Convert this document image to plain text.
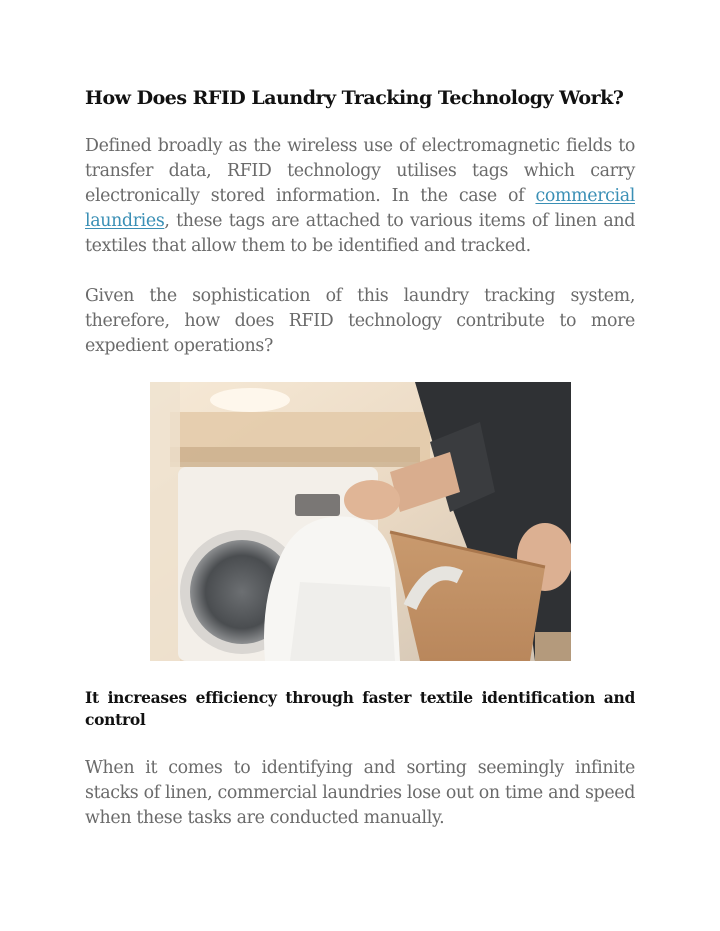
How Does RFID Laundry Tracking Technology Work?
Defined broadly as the wireless use of electromagnetic fields to transfer data, RFID technology utilises tags which carry electronically stored information. In the case of commercial laundries, these tags are attached to various items of linen and textiles that allow them to be identified and tracked.
Given the sophistication of this laundry tracking system, therefore, how does RFID technology contribute to more expedient operations?
It increases efficiency through faster textile identification and control
When it comes to identifying and sorting seemingly infinite stacks of linen, commercial laundries lose out on time and speed when these tasks are conducted manually.
